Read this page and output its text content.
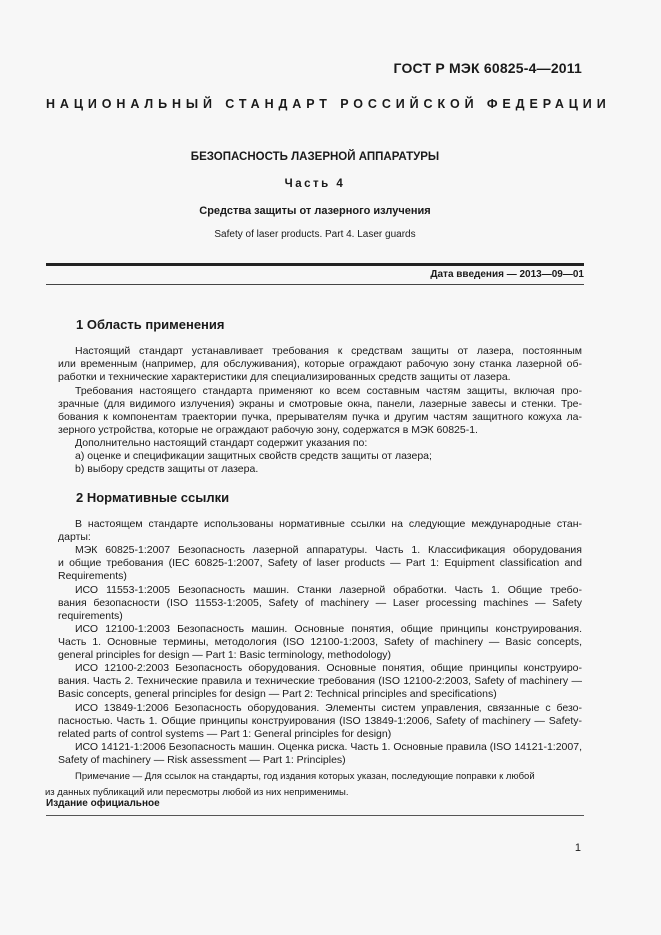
ГОСТ Р МЭК 60825-4—2011
НАЦИОНАЛЬНЫЙ СТАНДАРТ РОССИЙСКОЙ ФЕДЕРАЦИИ
БЕЗОПАСНОСТЬ ЛАЗЕРНОЙ АППАРАТУРЫ
Часть 4
Средства защиты от лазерного излучения
Safety of laser products. Part 4. Laser guards
Дата введения — 2013—09—01
1 Область применения
Настоящий стандарт устанавливает требования к средствам защиты от лазера, постоянным
или временным (например, для обслуживания), которые ограждают рабочую зону станка лазерной об-
работки и технические характеристики для специализированных средств защиты от лазера.
Требования настоящего стандарта применяют ко всем составным частям защиты, включая про-
зрачные (для видимого излучения) экраны и смотровые окна, панели, лазерные завесы и стенки. Тре-
бования к компонентам траектории пучка, прерывателям пучка и другим частям защитного кожуха ла-
зерного устройства, которые не ограждают рабочую зону, содержатся в МЭК 60825-1.
Дополнительно настоящий стандарт содержит указания по:
а) оценке и спецификации защитных свойств средств защиты от лазера;
b) выбору средств защиты от лазера.
2 Нормативные ссылки
В настоящем стандарте использованы нормативные ссылки на следующие международные стан-
дарты:
МЭК 60825-1:2007 Безопасность лазерной аппаратуры. Часть 1. Классификация оборудования
и общие требования (IEC 60825-1:2007, Safety of laser products — Part 1: Equipment classification and
Requirements)
ИСО 11553-1:2005 Безопасность машин. Станки лазерной обработки. Часть 1. Общие требо-
вания безопасности (ISO 11553-1:2005, Safety of machinery — Laser processing machines — Safety
requirements)
ИСО 12100-1:2003 Безопасность машин. Основные понятия, общие принципы конструирования.
Часть 1. Основные термины, методология (ISO 12100-1:2003, Safety of machinery — Basic concepts,
general principles for design — Part 1: Basic terminology, methodology)
ИСО 12100-2:2003 Безопасность оборудования. Основные понятия, общие принципы конструиро-
вания. Часть 2. Технические правила и технические требования (ISO 12100-2:2003, Safety of machinery —
Basic concepts, general principles for design — Part 2: Technical principles and specifications)
ИСО 13849-1:2006 Безопасность оборудования. Элементы систем управления, связанные с безо-
пасностью. Часть 1. Общие принципы конструирования (ISO 13849-1:2006, Safety of machinery — Safety-
related parts of control systems — Part 1: General principles for design)
ИСО 14121-1:2006 Безопасность машин. Оценка риска. Часть 1. Основные правила (ISO 14121-1:2007,
Safety of machinery — Risk assessment — Part 1: Principles)
Примечание — Для ссылок на стандарты, год издания которых указан, последующие поправки к любой
из данных публикаций или пересмотры любой из них неприменимы.
Издание официальное
1
